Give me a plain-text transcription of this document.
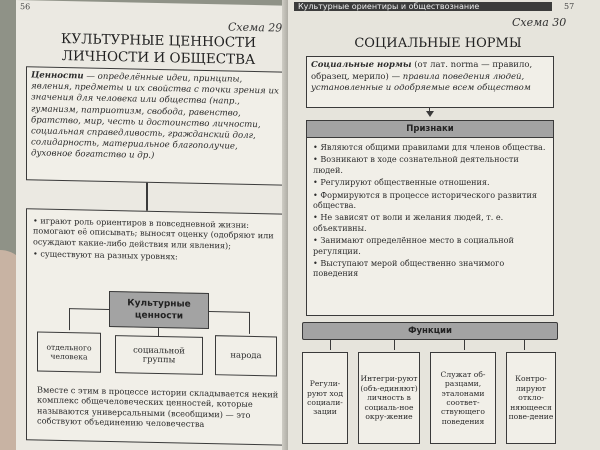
56
Схема 29
КУЛЬТУРНЫЕ ЦЕННОСТИ
ЛИЧНОСТИ И ОБЩЕСТВА
Ценности — определённые идеи, принципы, явления, предметы и их свойства с точки зрения их значения для человека или общества (напр., гуманизм, патриотизм, свобода, равенство, братство, мир, честь и достоинство личности, социальная справедливость, гражданский долг, солидарность, материальное благополучие, духовное богатство и др.)
• играют роль ориентиров в повседневной жизни: помогают её описывать; выносят оценку (одобряют или осуждают какие-либо действия или явления);
• существуют на разных уровнях:
Культурные
ценности
отдельного человека
социальной группы	народа
Вместе с этим в процессе истории складывается некий комплекс общечеловеческих ценностей, которые называются универсальными (всеобщими) — это собствуют объединению человечества
Культурные ориентиры и обществознание	57
Схема 30
СОЦИАЛЬНЫЕ НОРМЫ
Социальные нормы (от лат. norma — правило, образец, мерило) — правила поведения людей, установленные и одобряемые всем обществом
Признаки
• Являются общими правилами для членов общества.
• Возникают в ходе сознательной деятельности людей.
• Регулируют общественные отношения.
• Формируются в процессе исторического развития общества.
• Не зависят от воли и желания людей, т. е. объективны.
• Занимают определённое место в социальной регуляции.
• Выступают мерой общественно значимого поведения
Функции
Регули-руют ход социали-зации
Интегри-руют (объ-единяют) личность в социаль-ное окру-жение
Служат об-разцами, эталонами соответ-ствующего поведения
Контро-лируют откло-няющееся пове-дение
